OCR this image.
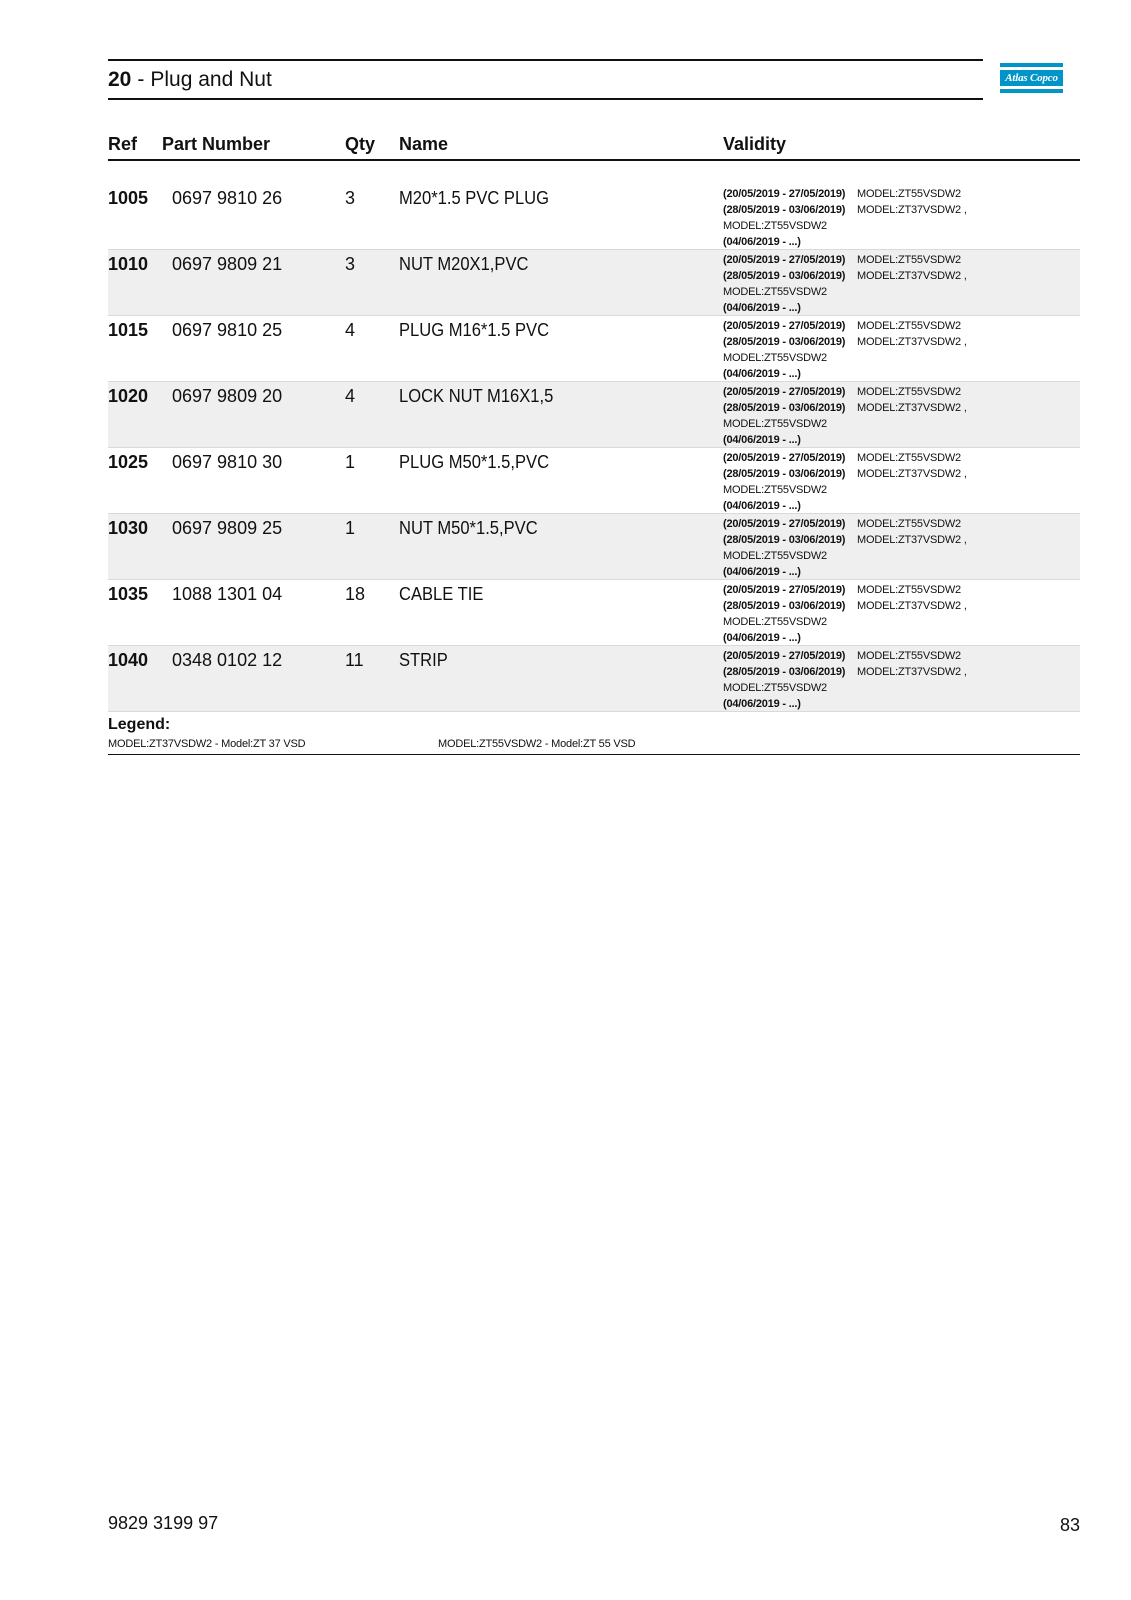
20 - Plug and Nut	Atlas Copco
Ref Part Number	Qty Name	Validity
1005 0697 9810 26	3 M20*1.5 PVC PLUG	(20/05/2019 - 27/05/2019) MODEL:ZT55VSDW2
(28/05/2019 - 03/06/2019) MODEL:ZT37VSDW2 ,
MODEL:ZT55VSDW2
(04/06/2019 - ...)
1010 0697 9809 21	3 NUT M20X1,PVC	(20/05/2019 - 27/05/2019) MODEL:ZT55VSDW2
(28/05/2019 - 03/06/2019) MODEL:ZT37VSDW2 ,
MODEL:ZT55VSDW2
(04/06/2019 - ...)
1015 0697 9810 25	4 PLUG M16*1.5 PVC	(20/05/2019 - 27/05/2019) MODEL:ZT55VSDW2
(28/05/2019 - 03/06/2019) MODEL:ZT37VSDW2 ,
MODEL:ZT55VSDW2
(04/06/2019 - ...)
1020 0697 9809 20	4 LOCK NUT M16X1,5	(20/05/2019 - 27/05/2019) MODEL:ZT55VSDW2
(28/05/2019 - 03/06/2019) MODEL:ZT37VSDW2 ,
MODEL:ZT55VSDW2
(04/06/2019 - ...)
1025 0697 9810 30	1 PLUG M50*1.5,PVC	(20/05/2019 - 27/05/2019) MODEL:ZT55VSDW2
(28/05/2019 - 03/06/2019) MODEL:ZT37VSDW2 ,
MODEL:ZT55VSDW2
(04/06/2019 - ...)
1030 0697 9809 25	1 NUT M50*1.5,PVC	(20/05/2019 - 27/05/2019) MODEL:ZT55VSDW2
(28/05/2019 - 03/06/2019) MODEL:ZT37VSDW2 ,
MODEL:ZT55VSDW2
(04/06/2019 - ...)
1035 1088 1301 04	18 CABLE TIE	(20/05/2019 - 27/05/2019) MODEL:ZT55VSDW2
(28/05/2019 - 03/06/2019) MODEL:ZT37VSDW2 ,
MODEL:ZT55VSDW2
(04/06/2019 - ...)
1040 0348 0102 12	11 STRIP	(20/05/2019 - 27/05/2019) MODEL:ZT55VSDW2
(28/05/2019 - 03/06/2019) MODEL:ZT37VSDW2 ,
MODEL:ZT55VSDW2
(04/06/2019 - ...)
Legend:
MODEL:ZT37VSDW2 - Model:ZT 37 VSD	MODEL:ZT55VSDW2 - Model:ZT 55 VSD
9829 3199 97	83
